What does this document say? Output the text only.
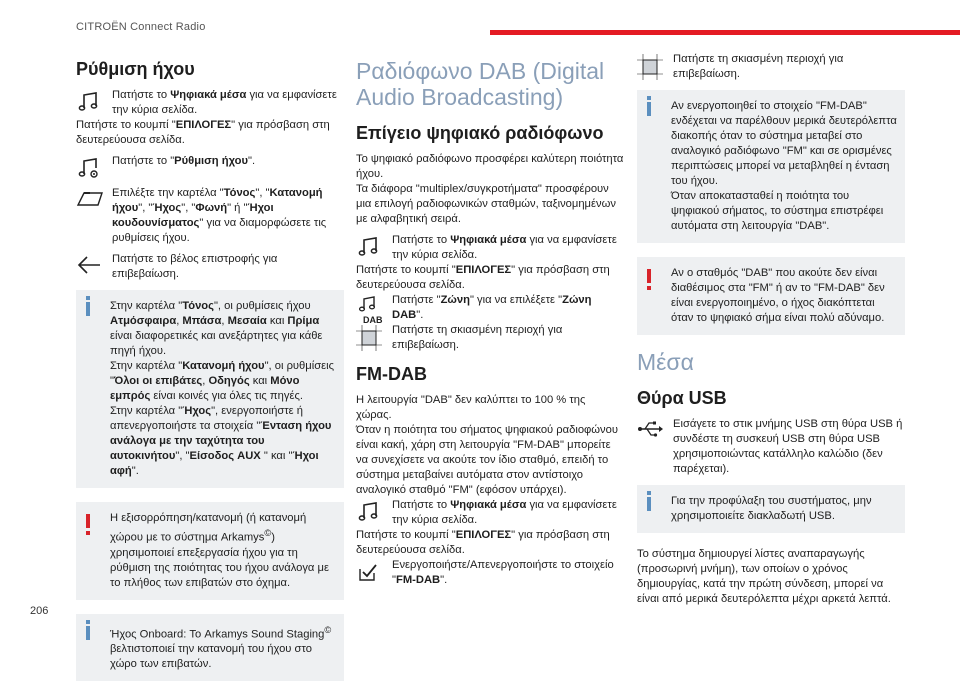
CITROËN Connect Radio
206

Ρύθμιση ήχου

Πατήστε το Ψηφιακά μέσα για να εμφανίσετε την κύρια σελίδα.

Πατήστε το κουμπί "ΕΠΙΛΟΓΕΣ" για πρόσβαση στη δευτερεύουσα σελίδα.

Πατήστε το "Ρύθμιση ήχου".
Επιλέξτε την καρτέλα "Τόνος", "Κατανομή ήχου", "Ήχος", "Φωνή" ή "Ήχοι κουδουνίσματος" για να διαμορφώσετε τις ρυθμίσεις ήχου.
Πατήστε το βέλος επιστροφής για επιβεβαίωση.
Στην καρτέλα "Τόνος", οι ρυθμίσεις ήχου Ατμόσφαιρα, Μπάσα, Μεσαία και Πρίμα είναι διαφορετικές και ανεξάρτητες για κάθε πηγή ήχου.
Στην καρτέλα "Κατανομή ήχου", οι ρυθμίσεις "Όλοι οι επιβάτες, Οδηγός και Μόνο εμπρός είναι κοινές για όλες τις πηγές.
Στην καρτέλα "Ήχος", ενεργοποιήστε ή απενεργοποιήστε τα στοιχεία "Ένταση ήχου ανάλογα με την ταχύτητα του αυτοκινήτου", "Είσοδος AUX " και "Ήχοι αφή".
Η εξισορρόπηση/κατανομή (ή κατανομή χώρου με το σύστημα Arkamys©) χρησιμοποιεί επεξεργασία ήχου για τη ρύθμιση της ποιότητας του ήχου ανάλογα με το πλήθος των επιβατών στο όχημα.
Ήχος Onboard: Το Arkamys Sound Staging© βελτιστοποιεί την κατανομή του ήχου στο χώρο των επιβατών.

Ραδιόφωνο DAB (Digital Audio Broadcasting)

Επίγειο ψηφιακό ραδιόφωνο

Το ψηφιακό ραδιόφωνο προσφέρει καλύτερη ποιότητα ήχου.

Τα διάφορα "multiplex/συγκροτήματα" προσφέρουν μια επιλογή ραδιοφωνικών σταθμών, ταξινομημένων με αλφαβητική σειρά.

Πατήστε το Ψηφιακά μέσα για να εμφανίσετε την κύρια σελίδα.

Πατήστε το κουμπί "ΕΠΙΛΟΓΕΣ" για πρόσβαση στη δευτερεύουσα σελίδα.

DAB
Πατήστε "Ζώνη" για να επιλέξετε "Ζώνη DAB".
Πατήστε τη σκιασμένη περιοχή για επιβεβαίωση.

FM-DAB

Η λειτουργία "DAB" δεν καλύπτει το 100 % της χώρας.

Όταν η ποιότητα του σήματος ψηφιακού ραδιοφώνου είναι κακή, χάρη στη λειτουργία "FM-DAB" μπορείτε να συνεχίσετε να ακούτε τον ίδιο σταθμό, επειδή το σύστημα μεταβαίνει αυτόματα στον αντίστοιχο αναλογικό σταθμό "FM" (εφόσον υπάρχει).

Πατήστε το Ψηφιακά μέσα για να εμφανίσετε την κύρια σελίδα.

Πατήστε το κουμπί "ΕΠΙΛΟΓΕΣ" για πρόσβαση στη δευτερεύουσα σελίδα.

Ενεργοποιήστε/Απενεργοποιήστε το στοιχείο "FM-DAB".
Πατήστε τη σκιασμένη περιοχή για επιβεβαίωση.
Αν ενεργοποιηθεί το στοιχείο "FM-DAB" ενδέχεται να παρέλθουν μερικά δευτερόλεπτα διακοπής όταν το σύστημα μεταβεί στο αναλογικό ραδιόφωνο "FM" και σε ορισμένες περιπτώσεις μπορεί να μεταβληθεί η ένταση του ήχου.
Όταν αποκατασταθεί η ποιότητα του ψηφιακού σήματος, το σύστημα επιστρέφει αυτόματα στη λειτουργία "DAB".
Αν ο σταθμός "DAB" που ακούτε δεν είναι διαθέσιμος στα "FM" ή αν το "FM-DAB" δεν είναι ενεργοποιημένο, ο ήχος διακόπτεται όταν το ψηφιακό σήμα είναι πολύ αδύναμο.

Μέσα

Θύρα USB

Εισάγετε το στικ μνήμης USB στη θύρα USB ή συνδέστε τη συσκευή USB στη θύρα USB χρησιμοποιώντας κατάλληλο καλώδιο (δεν παρέχεται).
Για την προφύλαξη του συστήματος, μην χρησιμοποιείτε διακλαδωτή USB.

Το σύστημα δημιουργεί λίστες αναπαραγωγής (προσωρινή μνήμη), των οποίων ο χρόνος δημιουργίας, κατά την πρώτη σύνδεση, μπορεί να είναι από μερικά δευτερόλεπτα μέχρι αρκετά λεπτά.
